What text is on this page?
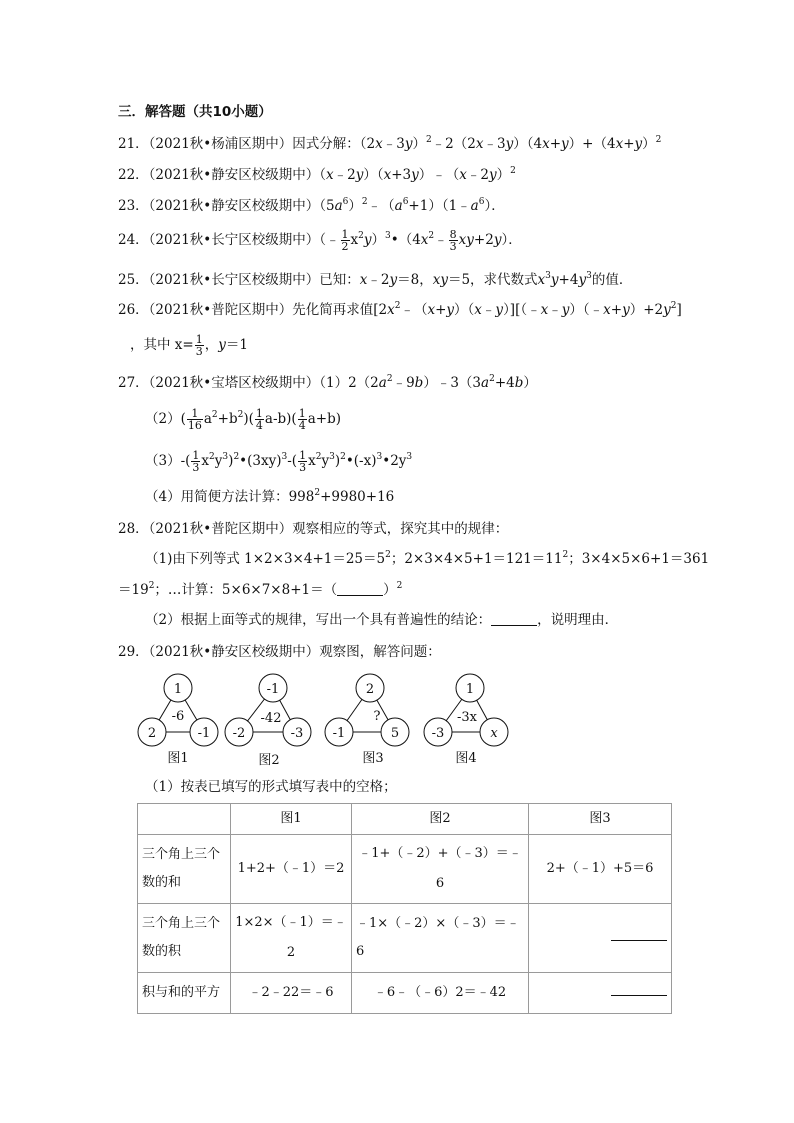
三．解答题（共10小题）
21．（2021秋•杨浦区期中）因式分解：$(2x﹣3y)^2﹣2(2x﹣3y)(4x+y)+(4x+y)^2$
22．（2021秋•静安区校级期中）（x﹣2y）（x+3y）﹣（x﹣2y）$^2$
23．（2021秋•静安区校级期中）$(5a^6)^2﹣(a^6+1)(1﹣a^6)$．
24．（2021秋•长宁区校级期中）（﹣ $\frac{1}{2}$ $x^2y)^3•(4x^2﹣ \frac{8}{3} xy+2y)$．
25．（2021秋•长宁区校级期中）已知：x﹣2y＝8，xy＝5，求代数式$x^3y+4y^3$的值．
26．（2021秋•普陀区期中）先化简再求值$[2x^2﹣(x+y)(x﹣y)][(﹣x﹣y)(﹣x+y)+2y^2]$
，其中 $x= \frac{1}{3}$ ，y＝1
27．（2021秋•宝塔区校级期中）$(1)2(2a^2﹣9b)﹣3(3a^2+4b)$
$(2)( \frac{1}{16} a^2+b^2)( \frac{1}{4} a-b)( \frac{1}{4} a+b)$
$(3)-( \frac{1}{3}$ $x^2y^3)^2•(3xy)^3-( \frac{1}{3}$ $x^2y^3)^2•(-x)^3•2y^3$
（4）用简便方法计算：$998^2+9980+16$
28．（2021秋•普陀区期中）观察相应的等式，探究其中的规律：
（1)由下列等式 $1\times 2\times 3\times 4+1=25=5^2$；$2\times 3\times 4\times 5+1=121=11^2$；3×4×5×6+1＝361
$=19^2$；…计算：5×6×7×8+1＝（	）$^2$
（2）根据上面等式的规律，写出一个具有普遍性的结论：	，说明理由．
29．（2021秋•静安区校级期中）观察图，解答问题：
1
2	-1
-6
图1
-1
-2	-3
-42
图2
2
-1	5
?
图3
1
-3	x
-3x
图4
（1）按表已填写的形式填写表中的空格；
	图1	图2	图3
三个角上三个数的和	1+2+（﹣1）＝2	﹣1+（﹣2）+（﹣3）＝﹣6	2+（﹣1）+5＝6
三个角上三个数的积	1×2×（﹣1）＝﹣2	﹣1×（﹣2）×（﹣3）＝﹣6	
积与和的平方	﹣2﹣22＝﹣6	﹣6﹣（﹣6）2＝﹣42	
